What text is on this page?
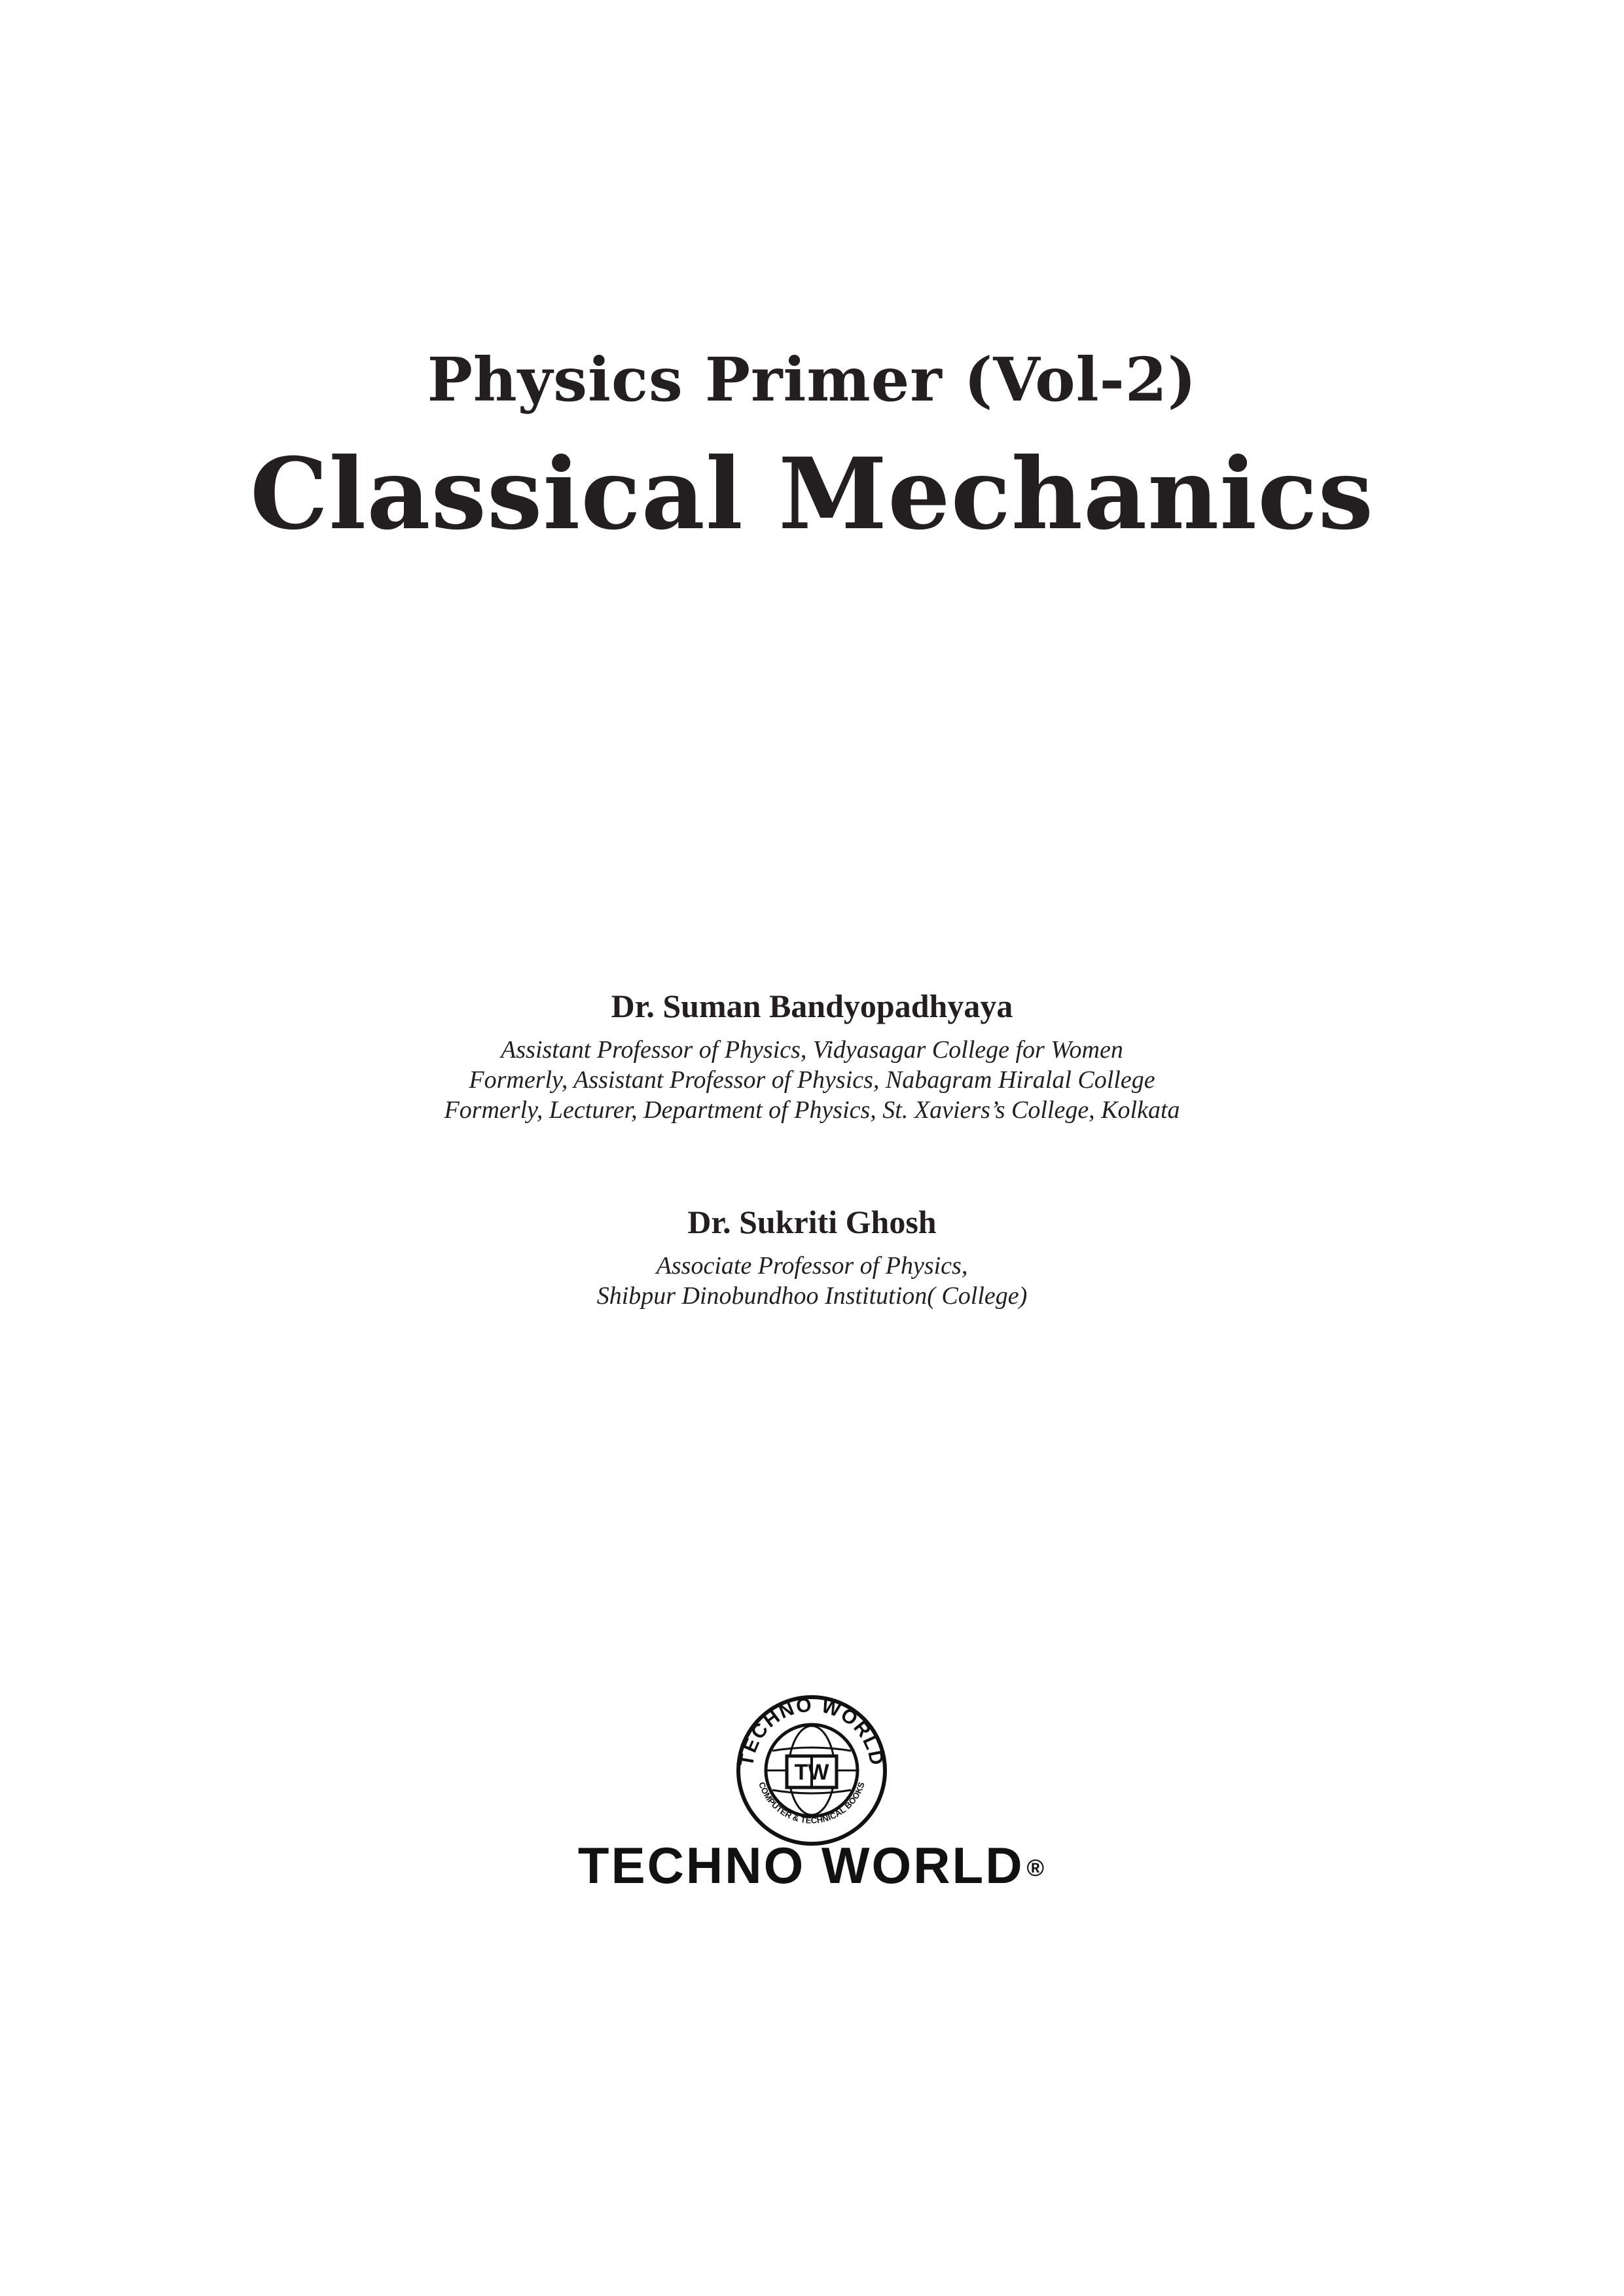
Physics Primer (Vol-2)
Classical Mechanics

Dr. Suman Bandyopadhyaya

Assistant Professor of Physics, Vidyasagar College for Women

Formerly, Assistant Professor of Physics, Nabagram Hiralal College

Formerly, Lecturer, Department of Physics, St. Xaviers’s College, Kolkata

Dr. Sukriti Ghosh

Associate Professor of Physics,

Shibpur Dinobundhoo Institution( College)

TW
TECHNO WORLD
COMPUTER & TECHNICAL BOOKS
TECHNO WORLD ®
